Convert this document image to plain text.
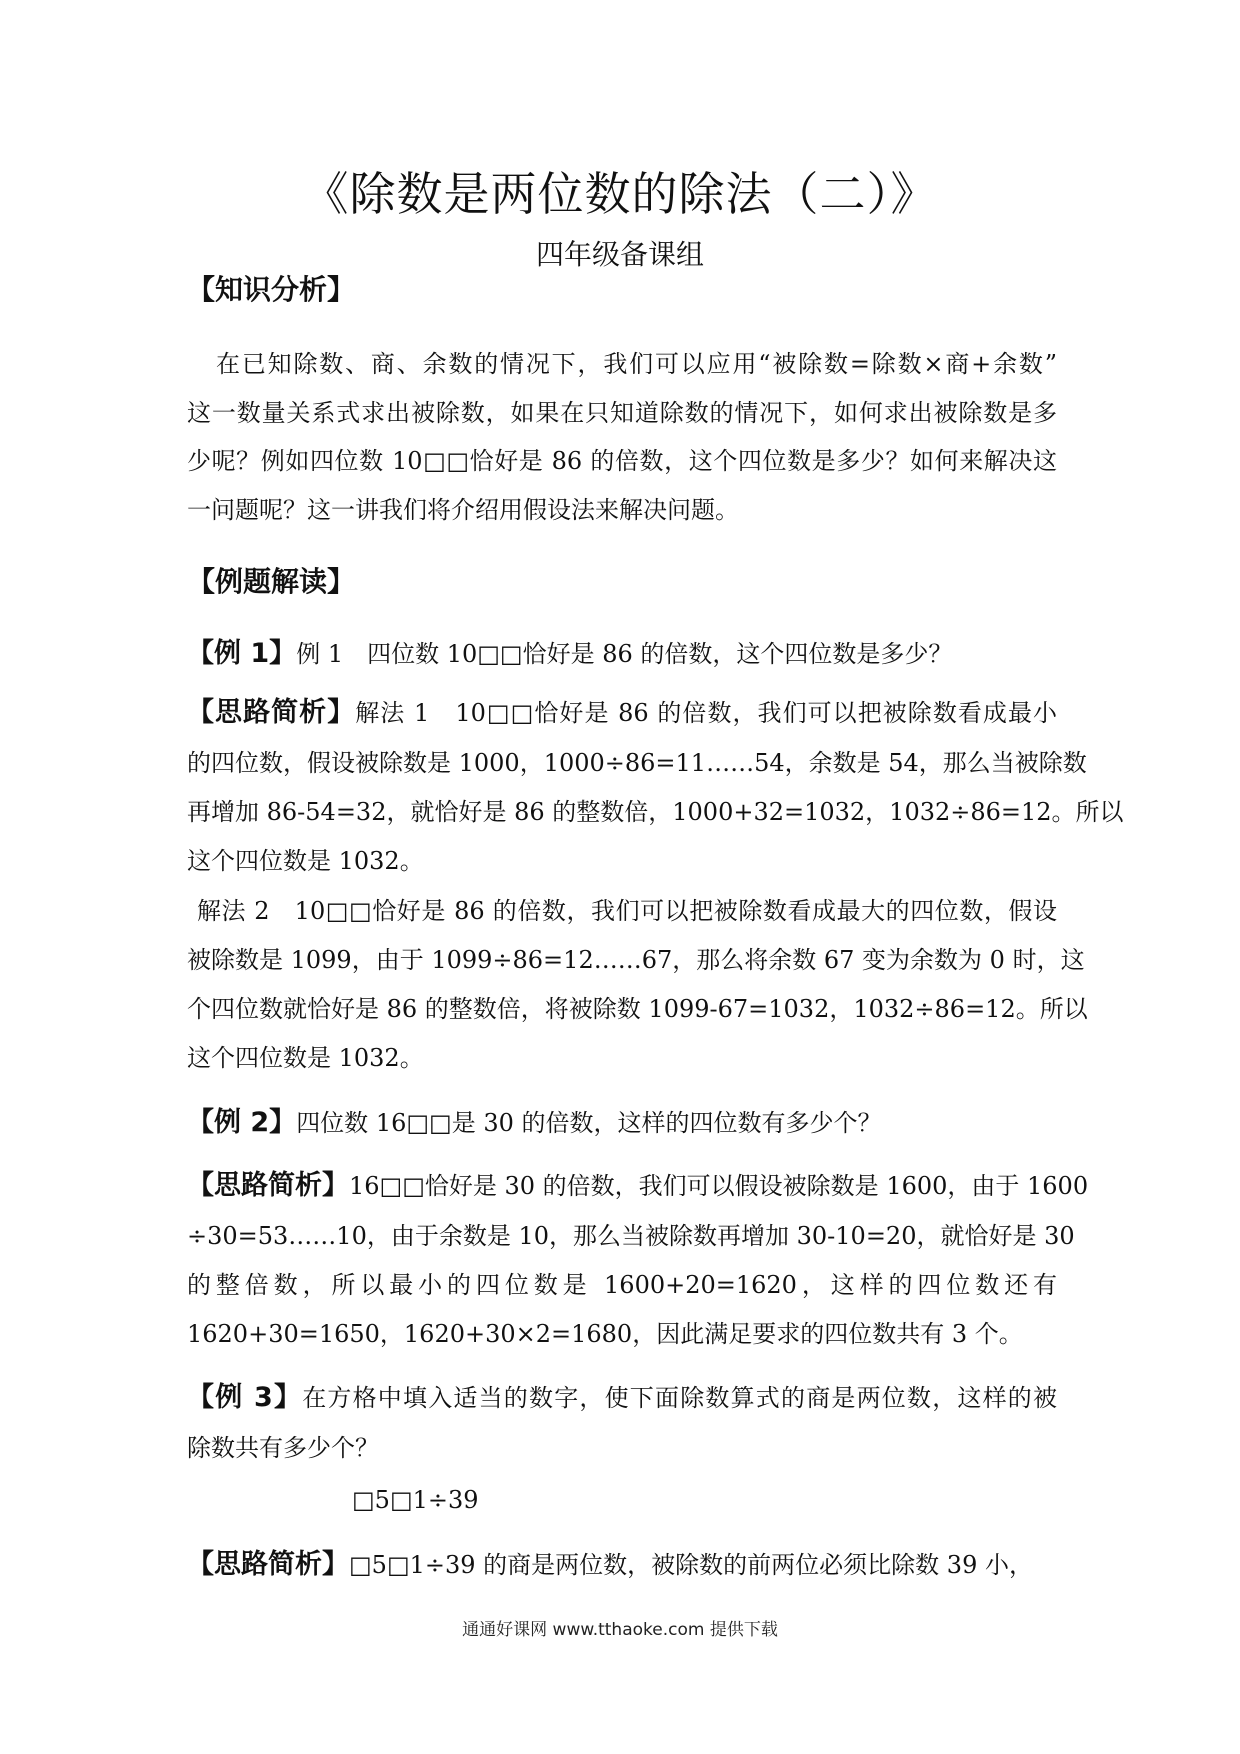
《除数是两位数的除法（二）》
四年级备课组
【知识分析】
在已知除数、商、余数的情况下，我们可以应用“被除数=除数×商+余数”
这一数量关系式求出被除数，如果在只知道除数的情况下，如何求出被除数是多
少呢？例如四位数 10□□恰好是 86 的倍数，这个四位数是多少？如何来解决这
一问题呢？这一讲我们将介绍用假设法来解决问题。
【例题解读】
【例 1】例 1　四位数 10□□恰好是 86 的倍数，这个四位数是多少？
【思路简析】解法 1　10□□恰好是 86 的倍数，我们可以把被除数看成最小
的四位数，假设被除数是 1000，1000÷86=11……54，余数是 54，那么当被除数
再增加 86-54=32，就恰好是 86 的整数倍，1000+32=1032，1032÷86=12。所以
这个四位数是 1032。
解法 2　10□□恰好是 86 的倍数，我们可以把被除数看成最大的四位数，假设
被除数是 1099，由于 1099÷86=12……67，那么将余数 67 变为余数为 0 时，这
个四位数就恰好是 86 的整数倍，将被除数 1099-67=1032，1032÷86=12。所以
这个四位数是 1032。
【例 2】四位数 16□□是 30 的倍数，这样的四位数有多少个？
【思路简析】16□□恰好是 30 的倍数，我们可以假设被除数是 1600，由于 1600
÷30=53……10，由于余数是 10，那么当被除数再增加 30-10=20，就恰好是 30
的整倍数，所以最小的四位数是 1600+20=1620，这样的四位数还有
1620+30=1650，1620+30×2=1680，因此满足要求的四位数共有 3 个。
【例 3】在方格中填入适当的数字，使下面除数算式的商是两位数，这样的被
除数共有多少个？
□5□1÷39
【思路简析】□5□1÷39 的商是两位数，被除数的前两位必须比除数 39 小，
通通好课网 www.tthaoke.com 提供下载
